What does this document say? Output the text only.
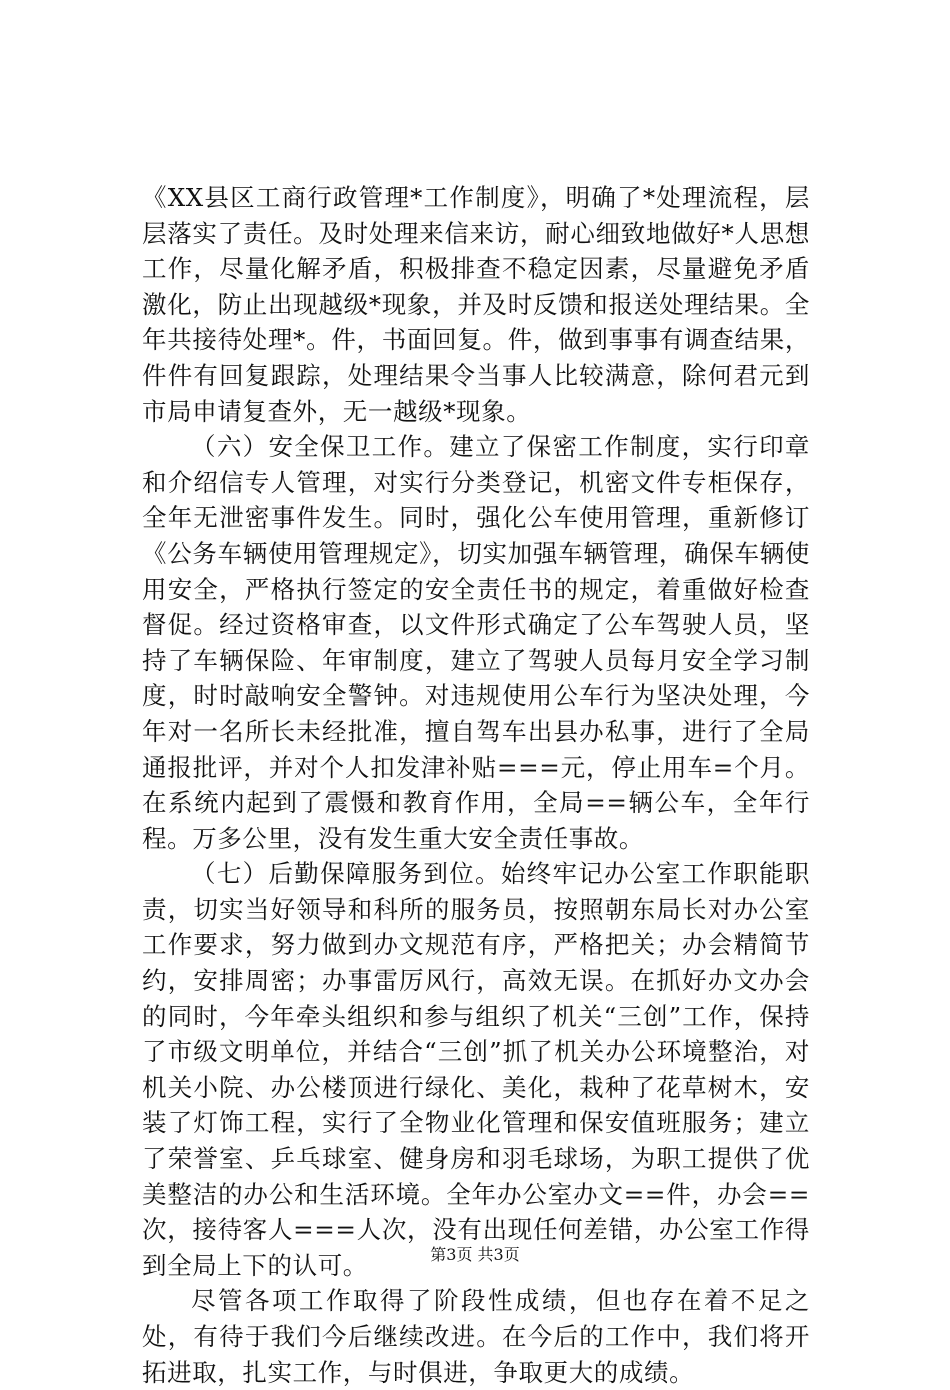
《XX县区工商行政管理*工作制度》，明确了*处理流程，层层落实了责任。及时处理来信来访，耐心细致地做好*人思想工作，尽量化解矛盾，积极排查不稳定因素，尽量避免矛盾激化，防止出现越级*现象，并及时反馈和报送处理结果。全年共接待处理*。件，书面回复。件，做到事事有调查结果，件件有回复跟踪，处理结果令当事人比较满意，除何君元到市局申请复查外，无一越级*现象。

（六）安全保卫工作。建立了保密工作制度，实行印章和介绍信专人管理，对实行分类登记，机密文件专柜保存，全年无泄密事件发生。同时，强化公车使用管理，重新修订《公务车辆使用管理规定》，切实加强车辆管理，确保车辆使用安全，严格执行签定的安全责任书的规定，着重做好检查督促。经过资格审查，以文件形式确定了公车驾驶人员，坚持了车辆保险、年审制度，建立了驾驶人员每月安全学习制度，时时敲响安全警钟。对违规使用公车行为坚决处理，今年对一名所长未经批准，擅自驾车出县办私事，进行了全局通报批评，并对个人扣发津补贴===元，停止用车=个月。在系统内起到了震慑和教育作用，全局==辆公车，全年行程。万多公里，没有发生重大安全责任事故。

（七）后勤保障服务到位。始终牢记办公室工作职能职责，切实当好领导和科所的服务员，按照朝东局长对办公室工作要求，努力做到办文规范有序，严格把关；办会精简节约，安排周密；办事雷厉风行，高效无误。在抓好办文办会的同时，今年牵头组织和参与组织了机关“三创”工作，保持了市级文明单位，并结合“三创”抓了机关办公环境整治，对机关小院、办公楼顶进行绿化、美化，栽种了花草树木，安装了灯饰工程，实行了全物业化管理和保安值班服务；建立了荣誉室、乒乓球室、健身房和羽毛球场，为职工提供了优美整洁的办公和生活环境。全年办公室办文==件，办会==次，接待客人===人次，没有出现任何差错，办公室工作得到全局上下的认可。

尽管各项工作取得了阶段性成绩，但也存在着不足之处，有待于我们今后继续改进。在今后的工作中，我们将开拓进取，扎实工作，与时俱进，争取更大的成绩。

第3页 共3页
